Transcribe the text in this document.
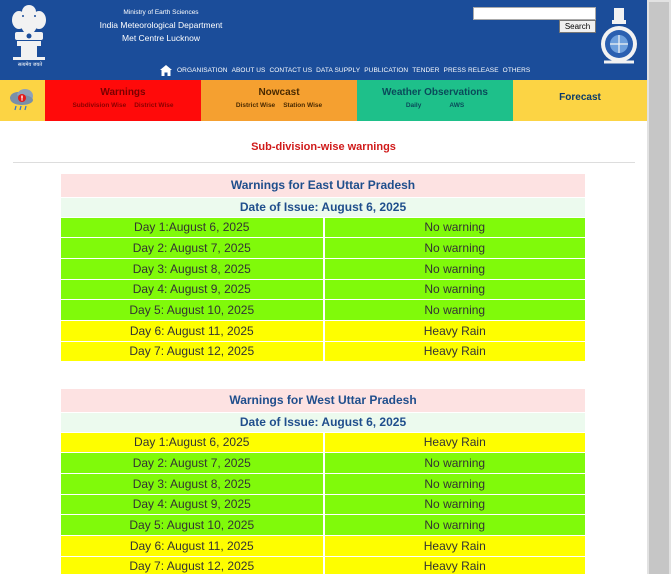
सत्यमेव जयते
Ministry of Earth Sciences
India Meteorological Department
Met Centre Lucknow
Search
ORGANISATION ABOUT US CONTACT US DATA SUPPLY PUBLICATION TENDER PRESS RELEASE OTHERS
Warnings
Subdivision Wise District Wise
Nowcast
District Wise Station Wise
Weather Observations
Daily	AWS
Forecast
Sub-division-wise warnings
Warnings for East Uttar Pradesh	
Date of Issue: August 6, 2025	
Day 1:August 6, 2025	No warning
Day 2: August 7, 2025	No warning
Day 3: August 8, 2025	No warning
Day 4: August 9, 2025	No warning
Day 5: August 10, 2025	No warning
Day 6: August 11, 2025	Heavy Rain
Day 7: August 12, 2025	Heavy Rain
Warnings for West Uttar Pradesh	
Date of Issue: August 6, 2025	
Day 1:August 6, 2025	Heavy Rain
Day 2: August 7, 2025	No warning
Day 3: August 8, 2025	No warning
Day 4: August 9, 2025	No warning
Day 5: August 10, 2025	No warning
Day 6: August 11, 2025	Heavy Rain
Day 7: August 12, 2025	Heavy Rain
